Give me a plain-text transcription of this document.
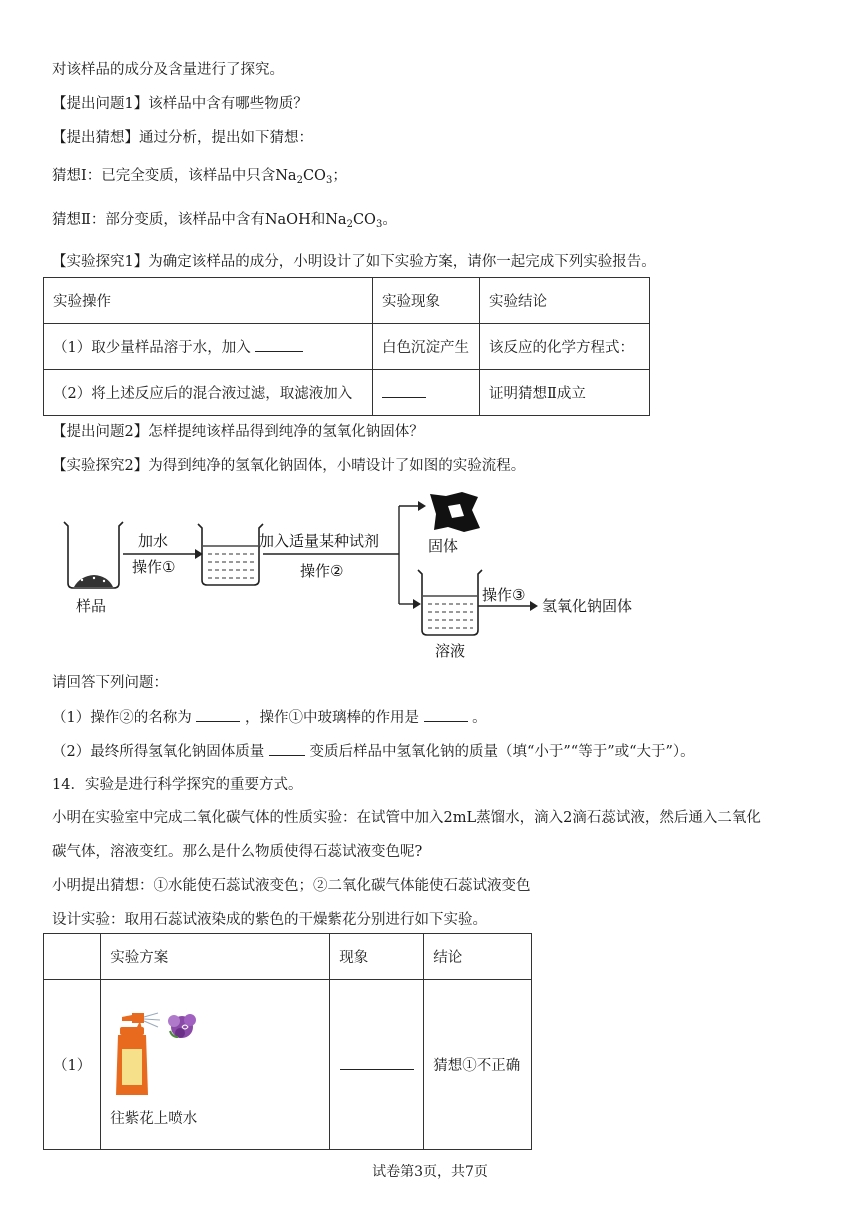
对该样品的成分及含量进行了探究。
【提出问题1】该样品中含有哪些物质？
【提出猜想】通过分析，提出如下猜想：
猜想Ⅰ：已完全变质，该样品中只含$Na_2CO_3$；
猜想Ⅱ：部分变质，该样品中含有NaOH和$Na_2CO_3$。
【实验探究1】为确定该样品的成分，小明设计了如下实验方案，请你一起完成下列实验报告。
实验操作	实验现象	实验结论
（1）取少量样品溶于水，加入	白色沉淀产生	该反应的化学方程式：
（2）将上述反应后的混合液过滤，取滤液加入		证明猜想Ⅱ成立
【提出问题2】怎样提纯该样品得到纯净的氢氧化钠固体？
【实验探究2】为得到纯净的氢氧化钠固体，小晴设计了如图的实验流程。
样品
加水
操作①
加入适量某种试剂
操作②
固体
溶液
操作③
氢氧化钠固体
请回答下列问题：
（1）操作②的名称为	，操作①中玻璃棒的作用是	。
（2）最终所得氢氧化钠固体质量	变质后样品中氢氧化钠的质量（填“小于”“等于”或“大于”）。
14．实验是进行科学探究的重要方式。
小明在实验室中完成二氧化碳气体的性质实验：在试管中加入2mL蒸馏水，滴入2滴石蕊试液，然后通入二氧化
碳气体，溶液变红。那么是什么物质使得石蕊试液变色呢?
小明提出猜想：①水能使石蕊试液变色；②二氧化碳气体能使石蕊试液变色
设计实验：取用石蕊试液染成的紫色的干燥紫花分别进行如下实验。
	实验方案	现象	结论
（1）	往紫花上喷水		猜想①不正确
试卷第3页，共7页
